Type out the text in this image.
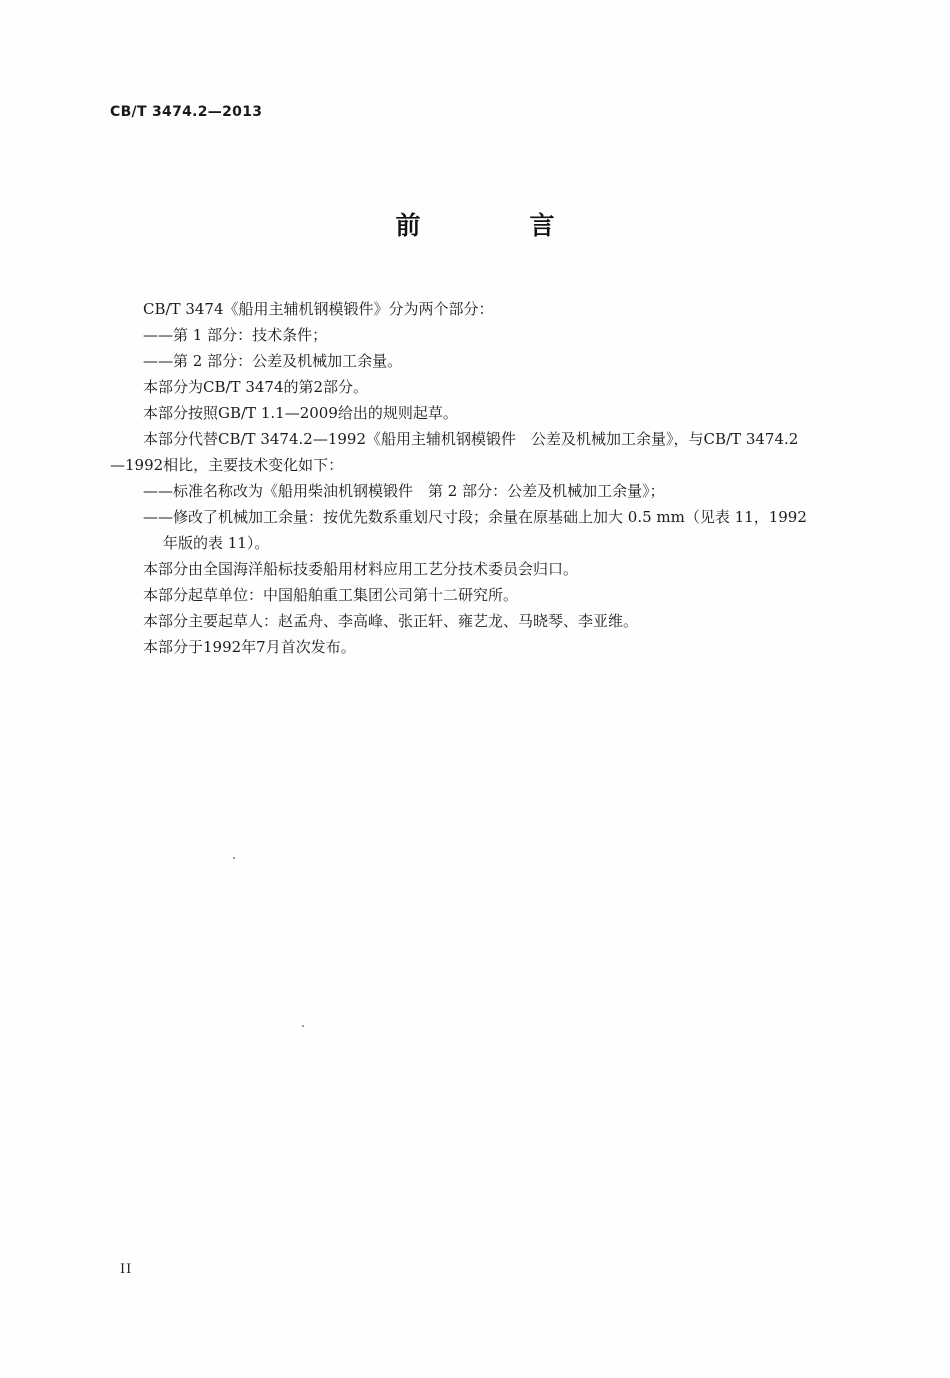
CB/T 3474.2—2013
前　言

CB/T 3474《船用主辅机钢模锻件》分为两个部分：

——第 1 部分：技术条件；

——第 2 部分：公差及机械加工余量。

本部分为CB/T 3474的第2部分。

本部分按照GB/T 1.1—2009给出的规则起草。

本部分代替CB/T 3474.2—1992《船用主辅机钢模锻件　公差及机械加工余量》，与CB/T 3474.2

—1992相比，主要技术变化如下：

——标准名称改为《船用柴油机钢模锻件　第 2 部分：公差及机械加工余量》；

——修改了机械加工余量：按优先数系重划尺寸段；余量在原基础上加大 0.5 mm（见表 11，1992

年版的表 11）。

本部分由全国海洋船标技委船用材料应用工艺分技术委员会归口。

本部分起草单位：中国船舶重工集团公司第十二研究所。

本部分主要起草人：赵孟舟、李高峰、张正轩、雍艺龙、马晓琴、李亚维。

本部分于1992年7月首次发布。

II
